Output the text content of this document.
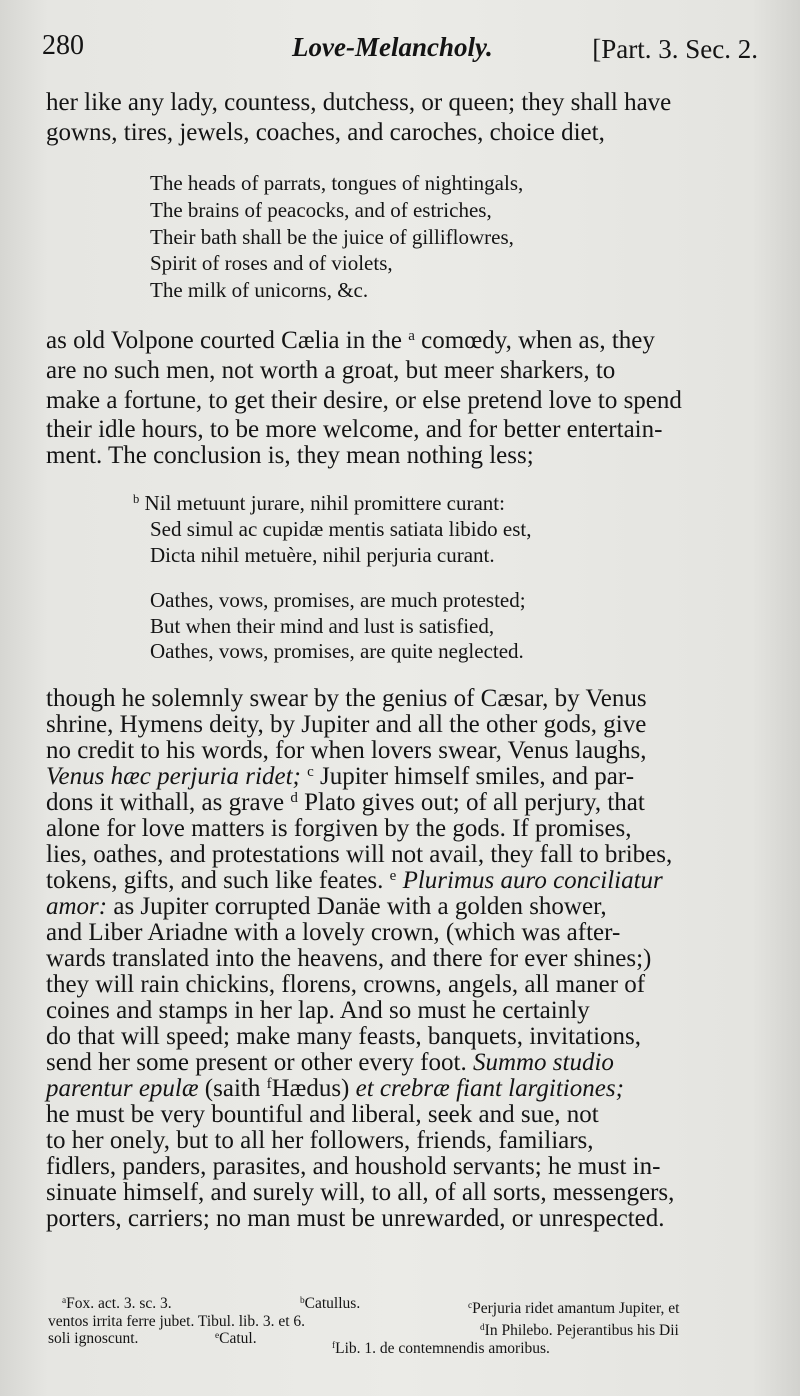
280	Love-Melancholy.	[Part. 3. Sec. 2.
her like any lady, countess, dutchess, or queen; they shall have
gowns, tires, jewels, coaches, and caroches, choice diet,
The heads of parrats, tongues of nightingals,
The brains of peacocks, and of estriches,
Their bath shall be the juice of gilliflowres,
Spirit of roses and of violets,
The milk of unicorns, &c.
as old Volpone courted Cælia in the $^a$ comœdy, when as, they
are no such men, not worth a groat, but meer sharkers, to
make a fortune, to get their desire, or else pretend love to spend
their idle hours, to be more welcome, and for better entertain-
ment. The conclusion is, they mean nothing less;
$^b$ Nil metuunt jurare, nihil promittere curant:
Sed simul ac cupidæ mentis satiata libido est,
Dicta nihil metuère, nihil perjuria curant.
Oathes, vows, promises, are much protested;
But when their mind and lust is satisfied,
Oathes, vows, promises, are quite neglected.
though he solemnly swear by the genius of Cæsar, by Venus
shrine, Hymens deity, by Jupiter and all the other gods, give
no credit to his words, for when lovers swear, Venus laughs,
Venus hæc perjuria ridet; $^c$ Jupiter himself smiles, and par-
dons it withall, as grave $^d$ Plato gives out; of all perjury, that
alone for love matters is forgiven by the gods. If promises,
lies, oathes, and protestations will not avail, they fall to bribes,
tokens, gifts, and such like feates. $^e$ Plurimus auro conciliatur
amor: as Jupiter corrupted Danäe with a golden shower,
and Liber Ariadne with a lovely crown, (which was after-
wards translated into the heavens, and there for ever shines;)
they will rain chickins, florens, crowns, angels, all maner of
coines and stamps in her lap. And so must he certainly
do that will speed; make many feasts, banquets, invitations,
send her some present or other every foot. Summo studio
parentur epulæ (saith $^f$Hædus) et crebræ fiant largitiones;
he must be very bountiful and liberal, seek and sue, not
to her onely, but to all her followers, friends, familiars,
fidlers, panders, parasites, and houshold servants; he must in-
sinuate himself, and surely will, to all, of all sorts, messengers,
porters, carriers; no man must be unrewarded, or unrespected.
$^a$Fox. act. 3. sc. 3.	$^b$Catullus.	$^c$Perjuria ridet amantum Jupiter, et
ventos irrita ferre jubet. Tibul. lib. 3. et 6.	$^d$In Philebo. Pejerantibus his Dii
soli ignoscunt.	$^e$Catul.	$^f$Lib. 1. de contemnendis amoribus.
